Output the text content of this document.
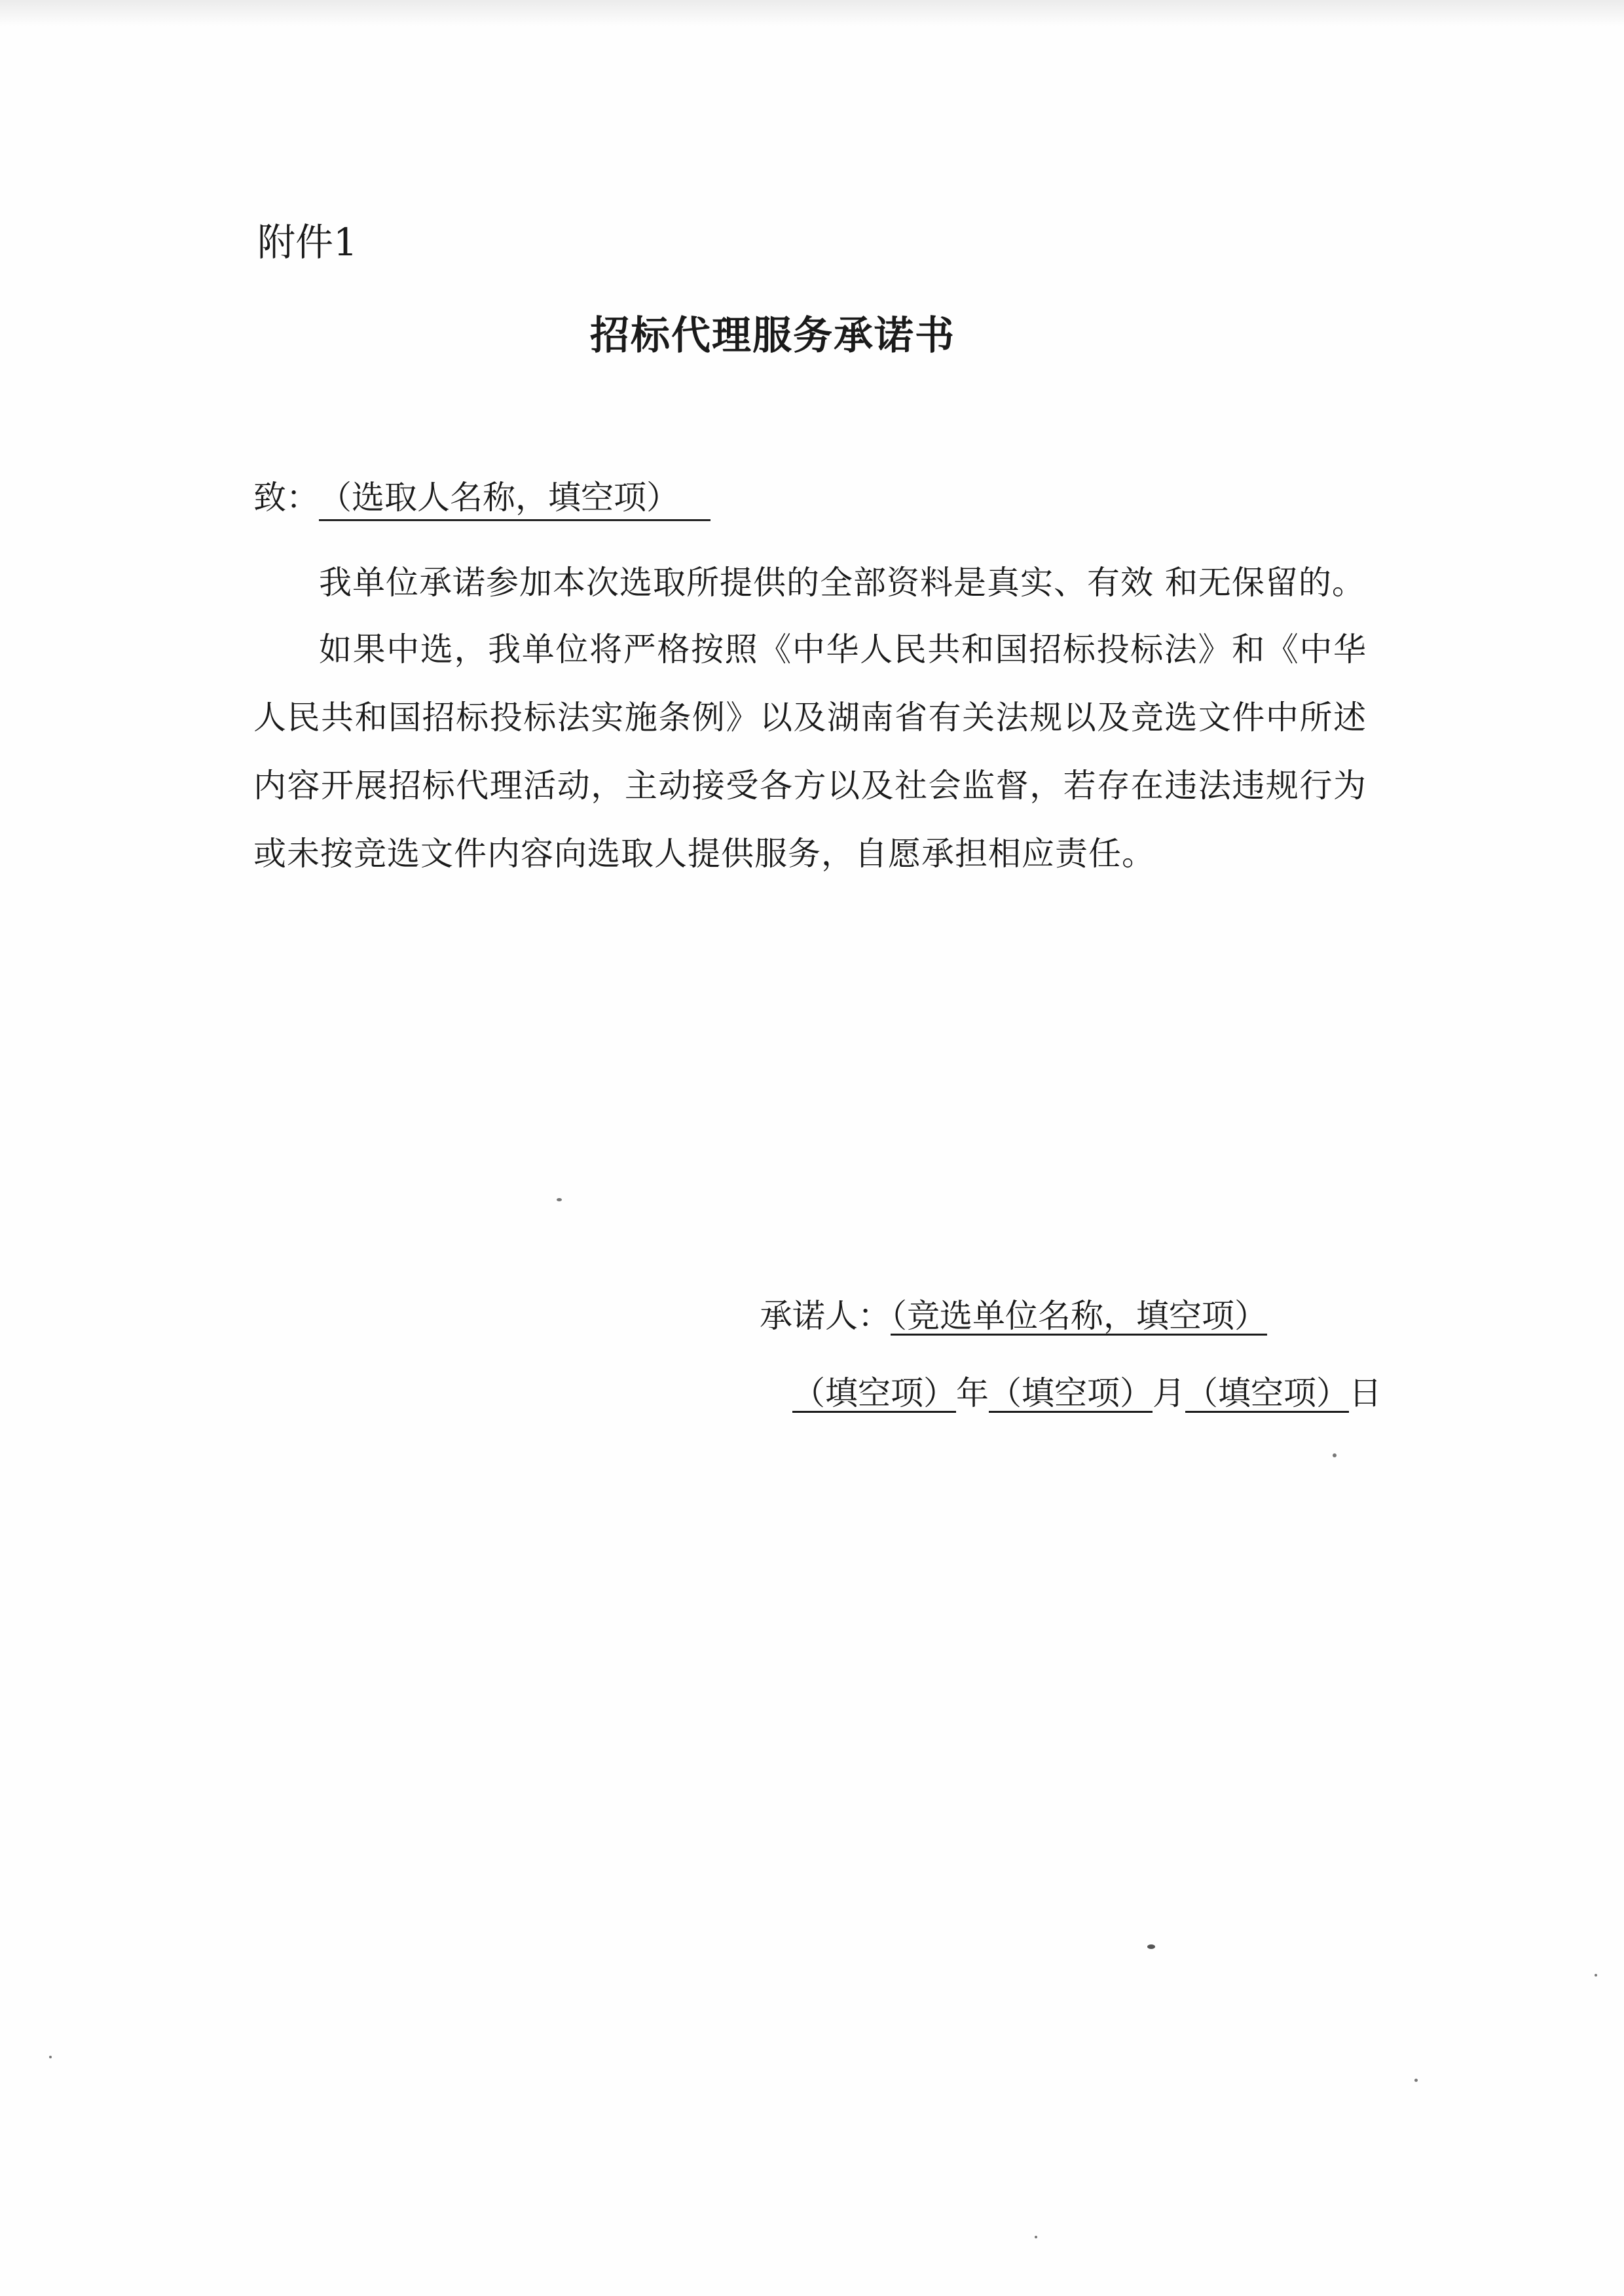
附件1
招标代理服务承诺书
致：（选取人名称，填空项）

我单位承诺参加本次选取所提供的全部资料是真实、有效 和无保留的。

如果中选，我单位将严格按照《中华人民共和国招标投标法》和《中华人民共和国招标投标法实施条例》以及湖南省有关法规以及竞选文件中所述内容开展招标代理活动，主动接受各方以及社会监督，若存在违法违规行为或未按竞选文件内容向选取人提供服务，自愿承担相应责任。

承诺人：（竞选单位名称，填空项）
（填空项）年（填空项）月（填空项）日
